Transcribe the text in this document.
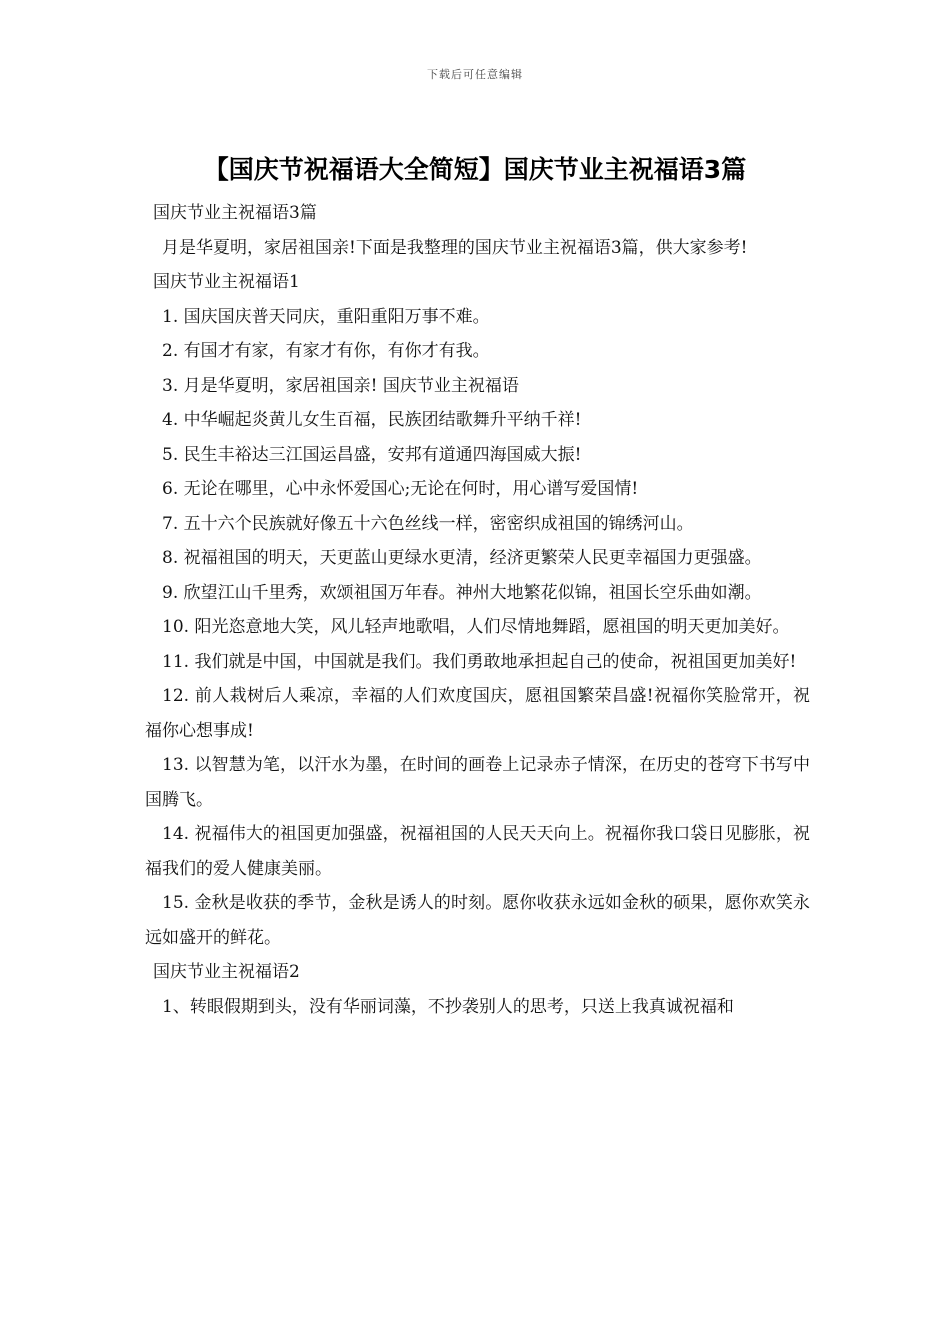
下载后可任意编辑
【国庆节祝福语大全简短】国庆节业主祝福语3篇

国庆节业主祝福语3篇

月是华夏明，家居祖国亲!下面是我整理的国庆节业主祝福语3篇，供大家参考!

国庆节业主祝福语1

1. 国庆国庆普天同庆，重阳重阳万事不难。

2. 有国才有家，有家才有你，有你才有我。

3. 月是华夏明，家居祖国亲! 国庆节业主祝福语

4. 中华崛起炎黄儿女生百福，民族团结歌舞升平纳千祥!

5. 民生丰裕达三江国运昌盛，安邦有道通四海国威大振!

6. 无论在哪里，心中永怀爱国心;无论在何时，用心谱写爱国情!

7. 五十六个民族就好像五十六色丝线一样，密密织成祖国的锦绣河山。

8. 祝福祖国的明天，天更蓝山更绿水更清，经济更繁荣人民更幸福国力更强盛。

9. 欣望江山千里秀，欢颂祖国万年春。神州大地繁花似锦，祖国长空乐曲如潮。

10. 阳光恣意地大笑，风儿轻声地歌唱，人们尽情地舞蹈，愿祖国的明天更加美好。

11. 我们就是中国，中国就是我们。我们勇敢地承担起自己的使命，祝祖国更加美好!

12. 前人栽树后人乘凉，幸福的人们欢度国庆，愿祖国繁荣昌盛!祝福你笑脸常开，祝福你心想事成!

13. 以智慧为笔，以汗水为墨，在时间的画卷上记录赤子情深，在历史的苍穹下书写中国腾飞。

14. 祝福伟大的祖国更加强盛，祝福祖国的人民天天向上。祝福你我口袋日见膨胀，祝福我们的爱人健康美丽。

15. 金秋是收获的季节，金秋是诱人的时刻。愿你收获永远如金秋的硕果，愿你欢笑永远如盛开的鲜花。

国庆节业主祝福语2

1、转眼假期到头，没有华丽词藻，不抄袭别人的思考，只送上我真诚祝福和
